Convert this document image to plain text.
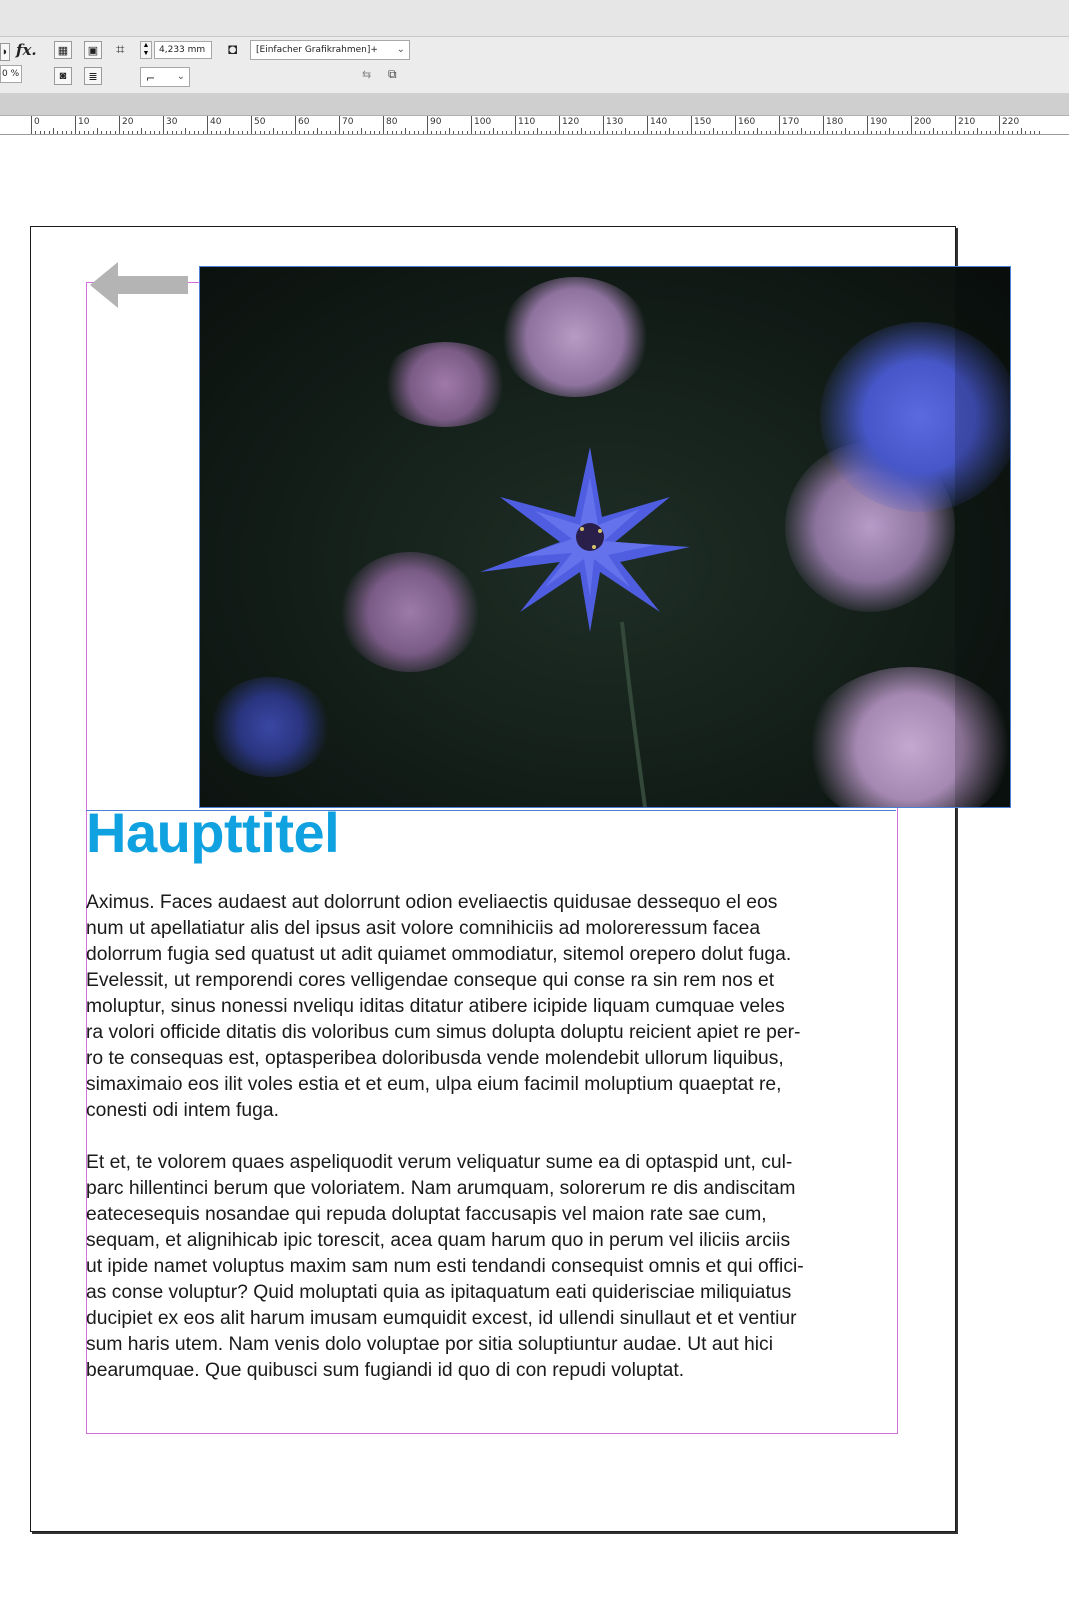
◗ fx.
0 %
▦	▣
◙	≣
⌗	▲
▼	4,233 mm
⌐ ⌄
◘	[Einfacher Grafikrahmen]+ ⌄
⇆ ⧉
0	10	20	30	40	50	60	70	80	90	100	110	120	130	140	150	160	170	180	190	200	210	220
Haupttitel

Aximus. Faces audaest aut dolorrunt odion eveliaectis quidusae dessequo el eos
num ut apellatiatur alis del ipsus asit volore comnihiciis ad moloreressum facea
dolorrum fugia sed quatust ut adit quiamet ommodiatur, sitemol orepero dolut fuga.
Evelessit, ut remporendi cores velligendae conseque qui conse ra sin rem nos et
moluptur, sinus nonessi nveliqu iditas ditatur atibere icipide liquam cumquae veles
ra volori officide ditatis dis voloribus cum simus dolupta doluptu reicient apiet re per-
ro te consequas est, optasperibea doloribusda vende molendebit ullorum liquibus,
simaximaio eos ilit voles estia et et eum, ulpa eium facimil moluptium quaeptat re,
conesti odi intem fuga.

Et et, te volorem quaes aspeliquodit verum veliquatur sume ea di optaspid unt, cul-
parc hillentinci berum que voloriatem. Nam arumquam, solorerum re dis andiscitam
eatecesequis nosandae qui repuda doluptat faccusapis vel maion rate sae cum,
sequam, et alignihicab ipic torescit, acea quam harum quo in perum vel iliciis arciis
ut ipide namet voluptus maxim sam num esti tendandi consequist omnis et qui offici-
as conse voluptur? Quid moluptati quia as ipitaquatum eati quiderisciae miliquiatus
ducipiet ex eos alit harum imusam eumquidit excest, id ullendi sinullaut et et ventiur
sum haris utem. Nam venis dolo voluptae por sitia soluptiuntur audae. Ut aut hici
bearumquae. Que quibusci sum fugiandi id quo di con repudi voluptat.
